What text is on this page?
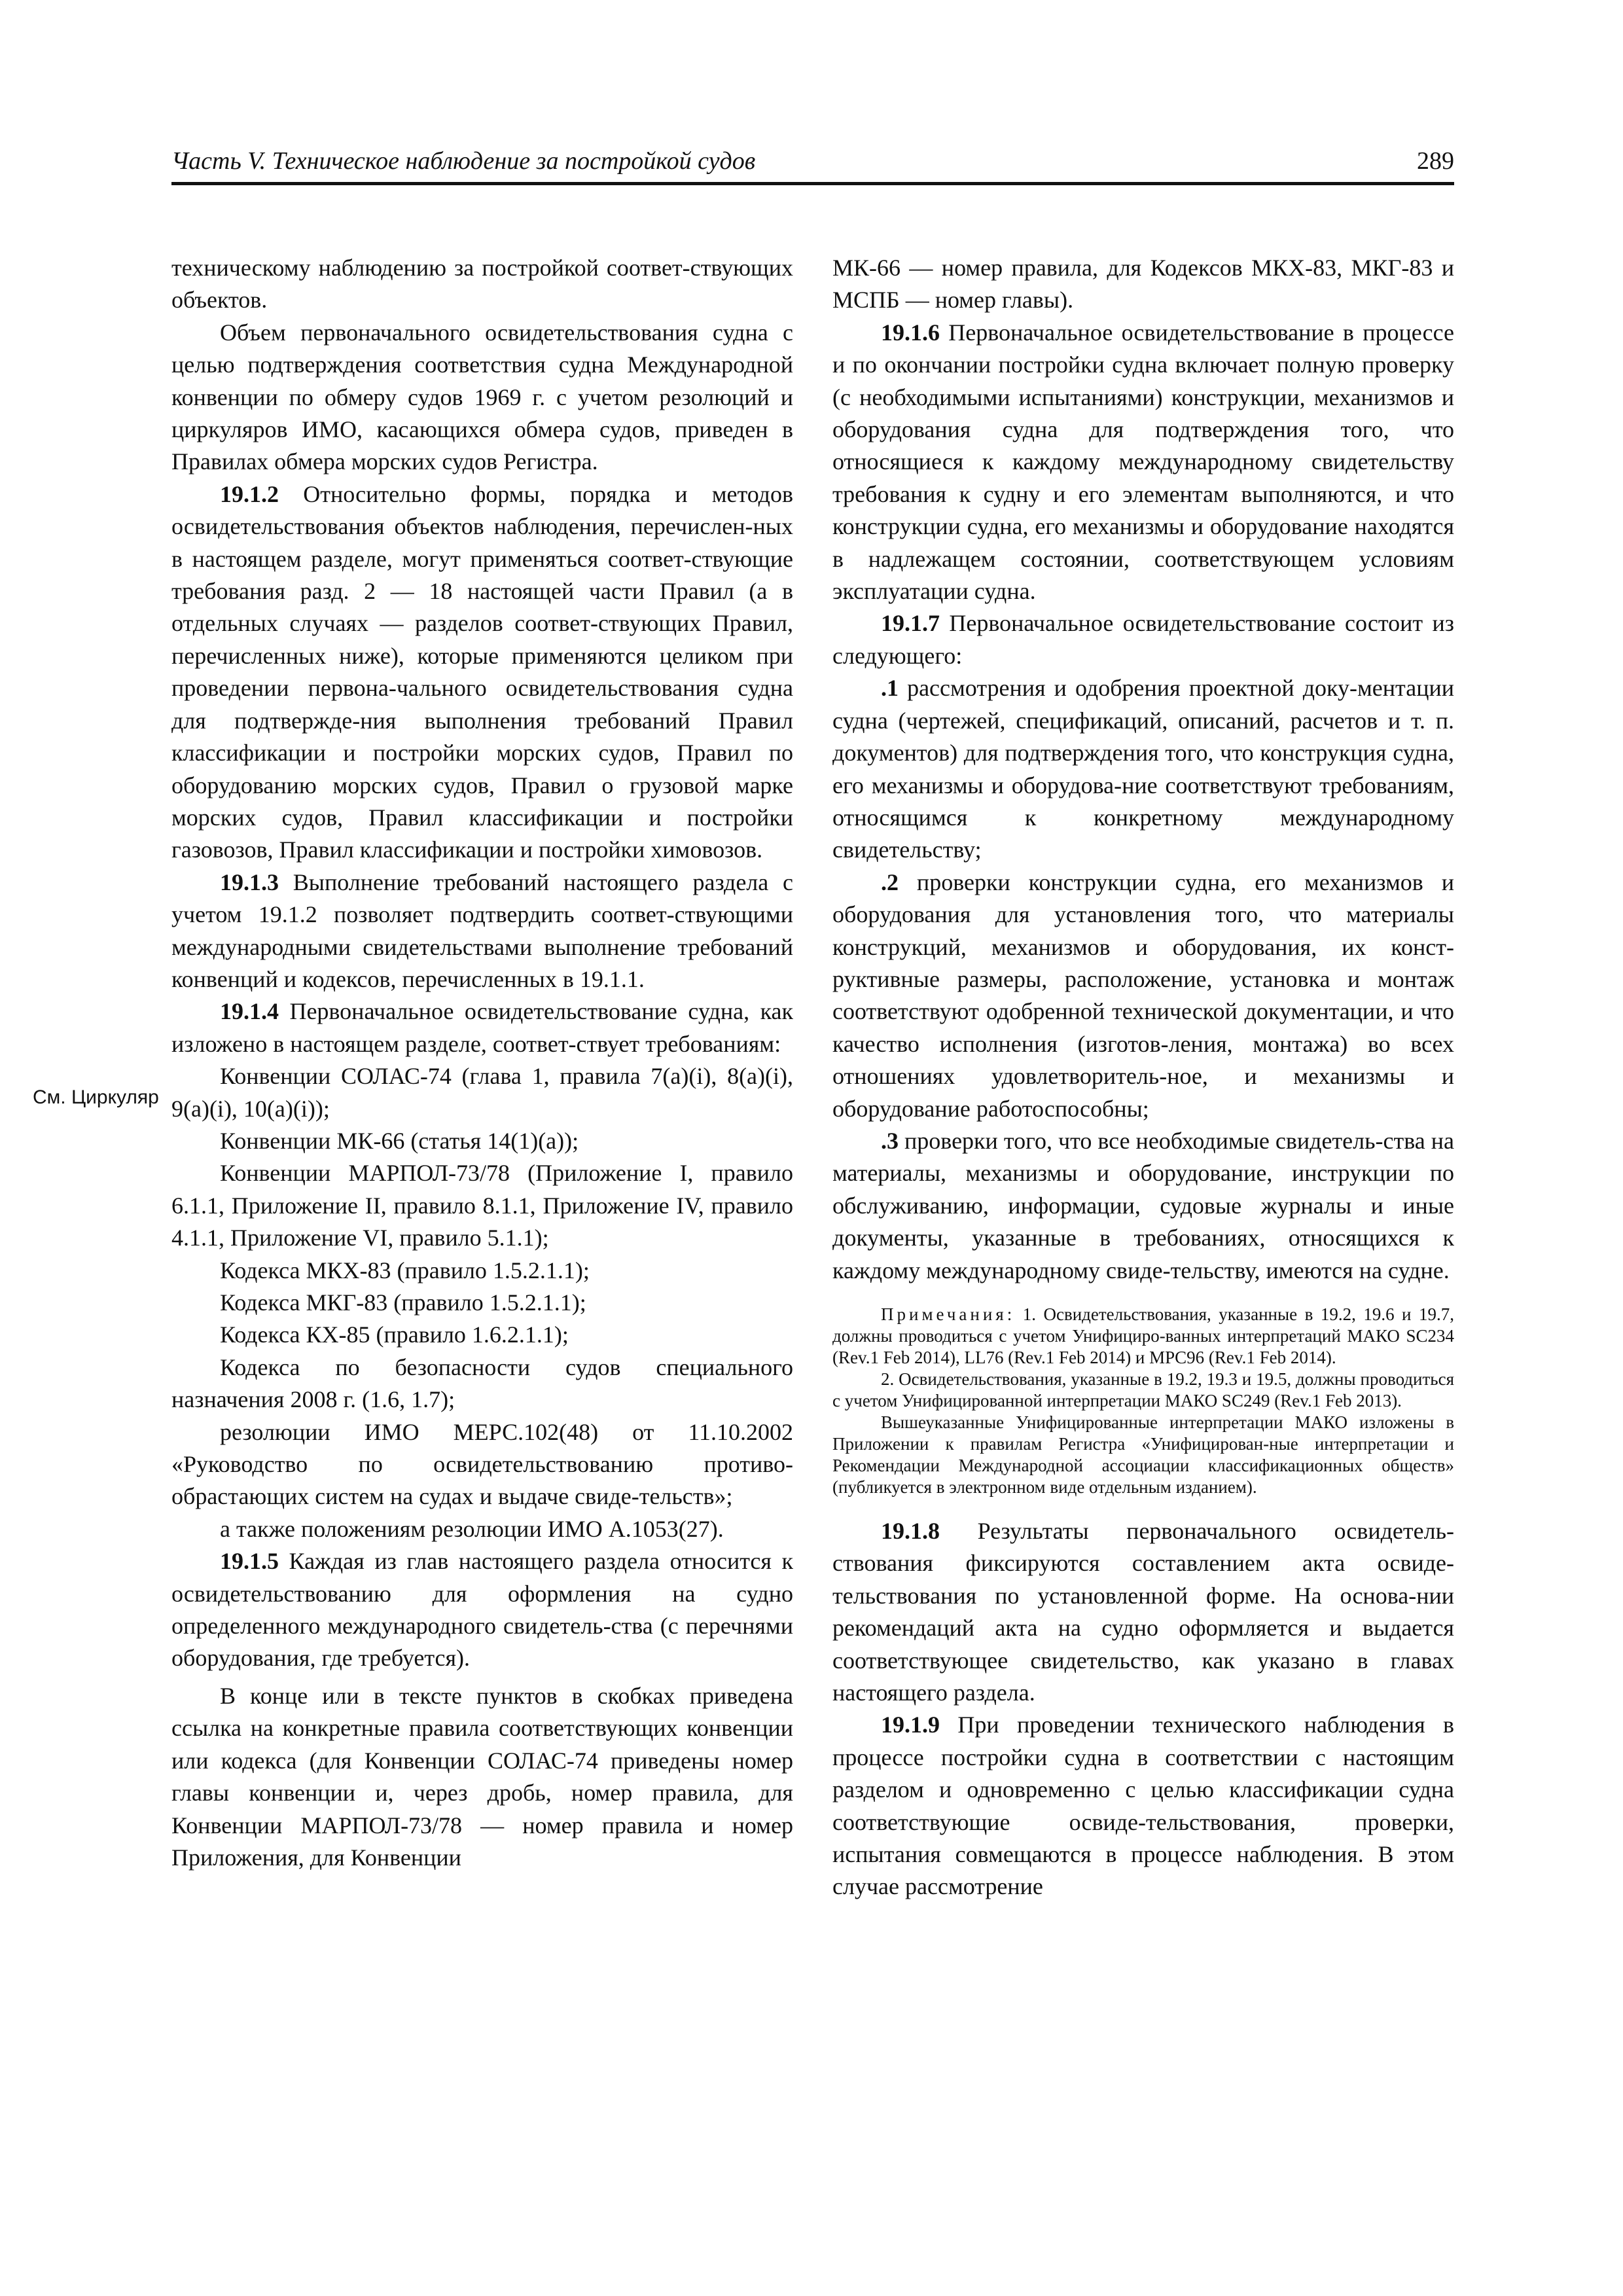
Часть V. Техническое наблюдение за постройкой судов	289
См. Циркуляр

техническому наблюдению за постройкой соответ-ствующих объектов.

Объем первоначального освидетельствования судна с целью подтверждения соответствия судна Международной конвенции по обмеру судов 1969 г. с учетом резолюций и циркуляров ИМО, касающихся обмера судов, приведен в Правилах обмера морских судов Регистра.

19.1.2 Относительно формы, порядка и методов освидетельствования объектов наблюдения, перечислен-ных в настоящем разделе, могут применяться соответ-ствующие требования разд. 2 — 18 настоящей части Правил (а в отдельных случаях — разделов соответ-ствующих Правил, перечисленных ниже), которые применяются целиком при проведении первона-чального освидетельствования судна для подтвержде-ния выполнения требований Правил классификации и постройки морских судов, Правил по оборудованию морских судов, Правил о грузовой марке морских судов, Правил классификации и постройки газовозов, Правил классификации и постройки химовозов.

19.1.3 Выполнение требований настоящего раздела с учетом 19.1.2 позволяет подтвердить соответ-ствующими международными свидетельствами выполнение требований конвенций и кодексов, перечисленных в 19.1.1.

19.1.4 Первоначальное освидетельствование судна, как изложено в настоящем разделе, соответ-ствует требованиям:

Конвенции СОЛАС-74 (глава 1, правила 7(а)(i), 8(а)(i), 9(а)(i), 10(а)(i));

Конвенции МК-66 (статья 14(1)(а));

Конвенции МАРПОЛ-73/78 (Приложение I, правило 6.1.1, Приложение II, правило 8.1.1, Приложение IV, правило 4.1.1, Приложение VI, правило 5.1.1);

Кодекса МКХ-83 (правило 1.5.2.1.1);

Кодекса МКГ-83 (правило 1.5.2.1.1);

Кодекса КХ-85 (правило 1.6.2.1.1);

Кодекса по безопасности судов специального назначения 2008 г. (1.6, 1.7);

резолюции ИМО МЕРС.102(48) от 11.10.2002 «Руководство по освидетельствованию противо-обрастающих систем на судах и выдаче свиде-тельств»;

а также положениям резолюции ИМО А.1053(27).

19.1.5 Каждая из глав настоящего раздела относится к освидетельствованию для оформления на судно определенного международного свидетель-ства (с перечнями оборудования, где требуется).

В конце или в тексте пунктов в скобках приведена ссылка на конкретные правила соответствующих конвенции или кодекса (для Конвенции СОЛАС-74 приведены номер главы конвенции и, через дробь, номер правила, для Конвенции МАРПОЛ-73/78 — номер правила и номер Приложения, для Конвенции

МК-66 — номер правила, для Кодексов МКХ-83, МКГ-83 и МСПБ — номер главы).

19.1.6 Первоначальное освидетельствование в процессе и по окончании постройки судна включает полную проверку (с необходимыми испытаниями) конструкции, механизмов и оборудования судна для подтверждения того, что относящиеся к каждому международному свидетельству требования к судну и его элементам выполняются, и что конструкции судна, его механизмы и оборудование находятся в надлежащем состоянии, соответствующем условиям эксплуатации судна.

19.1.7 Первоначальное освидетельствование состоит из следующего:

.1 рассмотрения и одобрения проектной доку-ментации судна (чертежей, спецификаций, описаний, расчетов и т. п. документов) для подтверждения того, что конструкция судна, его механизмы и оборудова-ние соответствуют требованиям, относящимся к конкретному международному свидетельству;

.2 проверки конструкции судна, его механизмов и оборудования для установления того, что материалы конструкций, механизмов и оборудования, их конст-руктивные размеры, расположение, установка и монтаж соответствуют одобренной технической документации, и что качество исполнения (изготов-ления, монтажа) во всех отношениях удовлетворитель-ное, и механизмы и оборудование работоспособны;

.3 проверки того, что все необходимые свидетель-ства на материалы, механизмы и оборудование, инструкции по обслуживанию, информации, судовые журналы и иные документы, указанные в требованиях, относящихся к каждому международному свиде-тельству, имеются на судне.

Примечания: 1. Освидетельствования, указанные в 19.2, 19.6 и 19.7, должны проводиться с учетом Унифициро-ванных интерпретаций МАКО SC234 (Rev.1 Feb 2014), LL76 (Rev.1 Feb 2014) и MPC96 (Rev.1 Feb 2014).

2. Освидетельствования, указанные в 19.2, 19.3 и 19.5, должны проводиться с учетом Унифицированной интерпретации МАКО SC249 (Rev.1 Feb 2013).

Вышеуказанные Унифицированные интерпретации МАКО изложены в Приложении к правилам Регистра «Унифицирован-ные интерпретации и Рекомендации Международной ассоциации классификационных обществ» (публикуется в электронном виде отдельным изданием).

19.1.8 Результаты первоначального освидетель-ствования фиксируются составлением акта освиде-тельствования по установленной форме. На основа-нии рекомендаций акта на судно оформляется и выдается соответствующее свидетельство, как указано в главах настоящего раздела.

19.1.9 При проведении технического наблюдения в процессе постройки судна в соответствии с настоящим разделом и одновременно с целью классификации судна соответствующие освиде-тельствования, проверки, испытания совмещаются в процессе наблюдения. В этом случае рассмотрение
